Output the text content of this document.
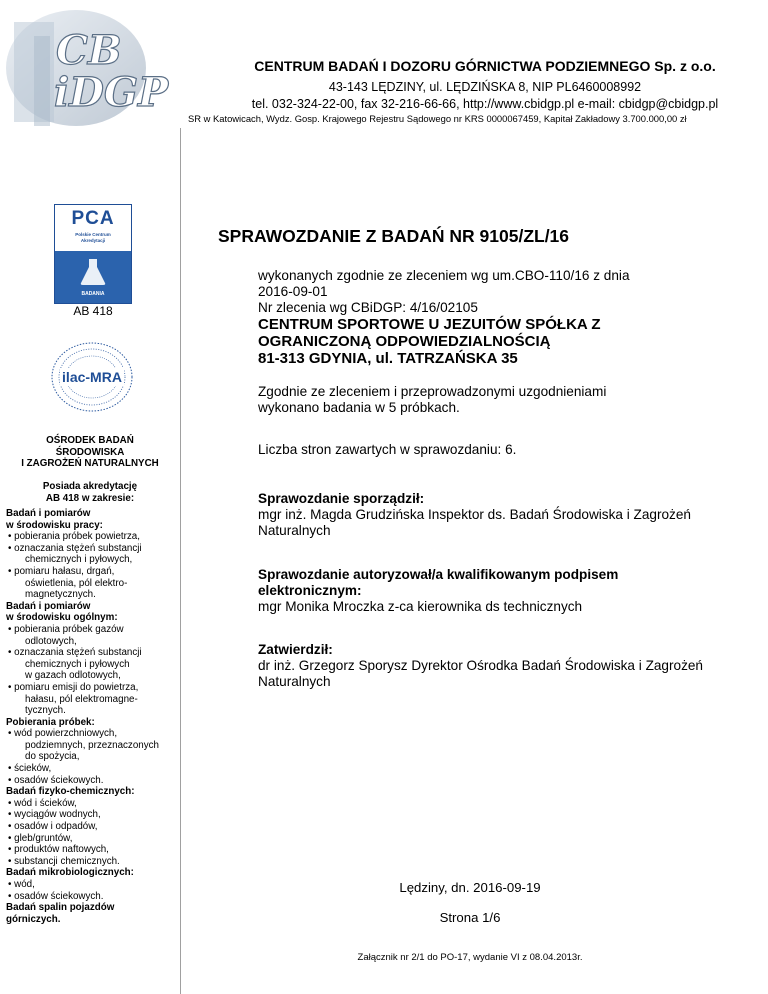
CB
iDGP
CENTRUM BADAŃ I DOZORU GÓRNICTWA PODZIEMNEGO Sp. z o.o.
43-143 LĘDZINY, ul. LĘDZIŃSKA 8, NIP PL6460008992
tel. 032-324-22-00, fax 32-216-66-66, http://www.cbidgp.pl e-mail: cbidgp@cbidgp.pl
SR w Katowicach, Wydz. Gosp. Krajowego Rejestru Sądowego nr KRS 0000067459, Kapitał Zakładowy 3.700.000,00 zł
PCA
Polskie Centrum
Akredytacji
BADANIA
AB 418
ilac-MRA
OŚRODEK BADAŃ
ŚRODOWISKA
I ZAGROŻEŃ NATURALNYCH
Posiada akredytację
AB 418 w zakresie:
Badań i pomiarów
w środowisku pracy:
• pobierania próbek powietrza,
• oznaczania stężeń substancji
chemicznych i pyłowych,
• pomiaru hałasu, drgań,
oświetlenia, pól elektro-
magnetycznych.
Badań i pomiarów
w środowisku ogólnym:
• pobierania próbek gazów
odlotowych,
• oznaczania stężeń substancji
chemicznych i pyłowych
w gazach odlotowych,
• pomiaru emisji do powietrza,
hałasu, pól elektromagne-
tycznych.
Pobierania próbek:
• wód powierzchniowych,
podziemnych, przeznaczonych
do spożycia,
• ścieków,
• osadów ściekowych.
Badań fizyko-chemicznych:
• wód i ścieków,
• wyciągów wodnych,
• osadów i odpadów,
• gleb/gruntów,
• produktów naftowych,
• substancji chemicznych.
Badań mikrobiologicznych:
• wód,
• osadów ściekowych.
Badań spalin pojazdów
górniczych.
SPRAWOZDANIE Z BADAŃ NR 9105/ZL/16
wykonanych zgodnie ze zleceniem wg um.CBO-110/16 z dnia
2016-09-01
Nr zlecenia wg CBiDGP: 4/16/02105
CENTRUM SPORTOWE U JEZUITÓW SPÓŁKA Z
OGRANICZONĄ ODPOWIEDZIALNOŚCIĄ
81-313 GDYNIA, ul. TATRZAŃSKA 35
Zgodnie ze zleceniem i przeprowadzonymi uzgodnieniami
wykonano badania w 5 próbkach.
Liczba stron zawartych w sprawozdaniu: 6.
Sprawozdanie sporządził:
mgr inż. Magda Grudzińska Inspektor ds. Badań Środowiska i Zagrożeń
Naturalnych
Sprawozdanie autoryzował/a kwalifikowanym podpisem
elektronicznym:
mgr Monika Mroczka z-ca kierownika ds technicznych
Zatwierdził:
dr inż. Grzegorz Sporysz Dyrektor Ośrodka Badań Środowiska i Zagrożeń
Naturalnych
Lędziny, dn. 2016-09-19
Strona 1/6
Załącznik nr 2/1 do PO-17, wydanie VI z 08.04.2013r.
